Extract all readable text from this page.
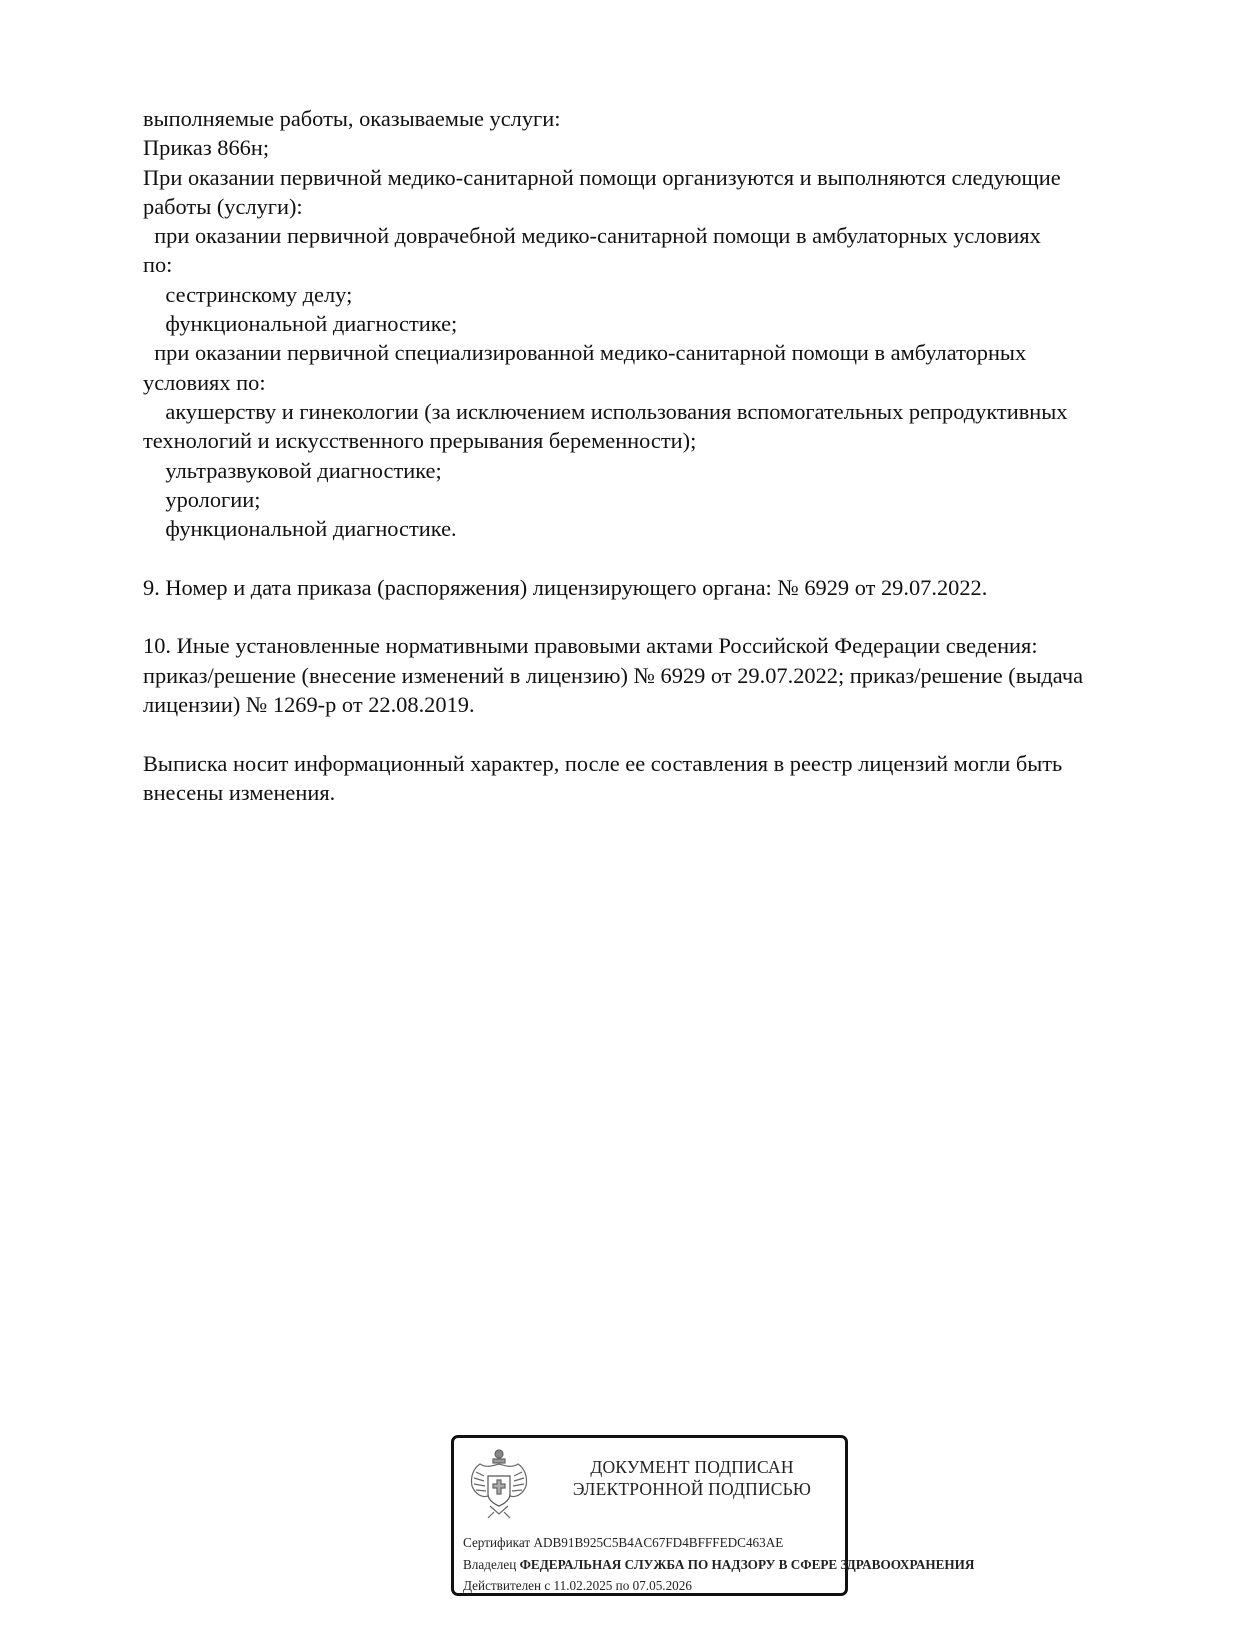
выполняемые работы, оказываемые услуги:

Приказ 866н;

При оказании первичной медико-санитарной помощи организуются и выполняются следующие

работы (услуги):

при оказании первичной доврачебной медико-санитарной помощи в амбулаторных условиях

по:

сестринскому делу;

функциональной диагностике;

при оказании первичной специализированной медико-санитарной помощи в амбулаторных

условиях по:

акушерству и гинекологии (за исключением использования вспомогательных репродуктивных

технологий и искусственного прерывания беременности);

ультразвуковой диагностике;

урологии;

функциональной диагностике.

9. Номер и дата приказа (распоряжения) лицензирующего органа: № 6929 от 29.07.2022.

10. Иные установленные нормативными правовыми актами Российской Федерации сведения:

приказ/решение (внесение изменений в лицензию) № 6929 от 29.07.2022; приказ/решение (выдача

лицензии) № 1269-р от 22.08.2019.

Выписка носит информационный характер, после ее составления в реестр лицензий могли быть

внесены изменения.

ДОКУМЕНТ ПОДПИСАН
ЭЛЕКТРОННОЙ ПОДПИСЬЮ
Сертификат ADB91B925C5B4AC67FD4BFFFEDC463AE
Владелец ФЕДЕРАЛЬНАЯ СЛУЖБА ПО НАДЗОРУ В СФЕРЕ ЗДРАВООХРАНЕНИЯ
Действителен с 11.02.2025 по 07.05.2026
